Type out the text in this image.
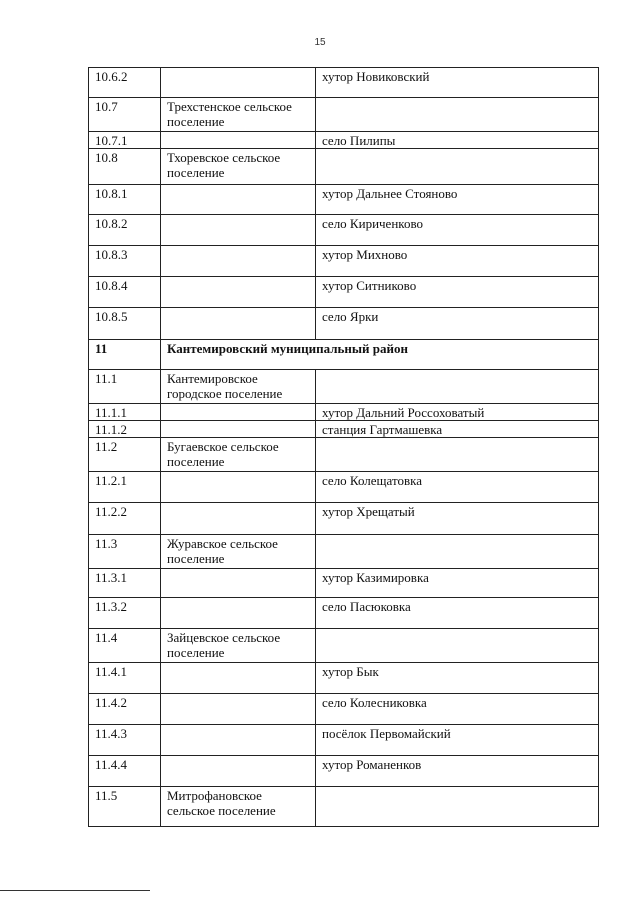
15
10.6.2		хутор Новиковский
10.7	Трехстенское сельское поселение	
10.7.1		село Пилипы
10.8	Тхоревское сельское поселение	
10.8.1		хутор Дальнее Стояново
10.8.2		село Кириченково
10.8.3		хутор Михново
10.8.4		хутор Ситниково
10.8.5		село Ярки
11	Кантемировский муниципальный район	
11.1	Кантемировское городское поселение	
11.1.1		хутор Дальний Россоховатый
11.1.2		станция Гартмашевка
11.2	Бугаевское сельское поселение	
11.2.1		село Колещатовка
11.2.2		хутор Хрещатый
11.3	Журавское сельское поселение	
11.3.1		хутор Казимировка
11.3.2		село Пасюковка
11.4	Зайцевское сельское поселение	
11.4.1		хутор Бык
11.4.2		село Колесниковка
11.4.3		посёлок Первомайский
11.4.4		хутор Романенков
11.5	Митрофановское сельское поселение	
